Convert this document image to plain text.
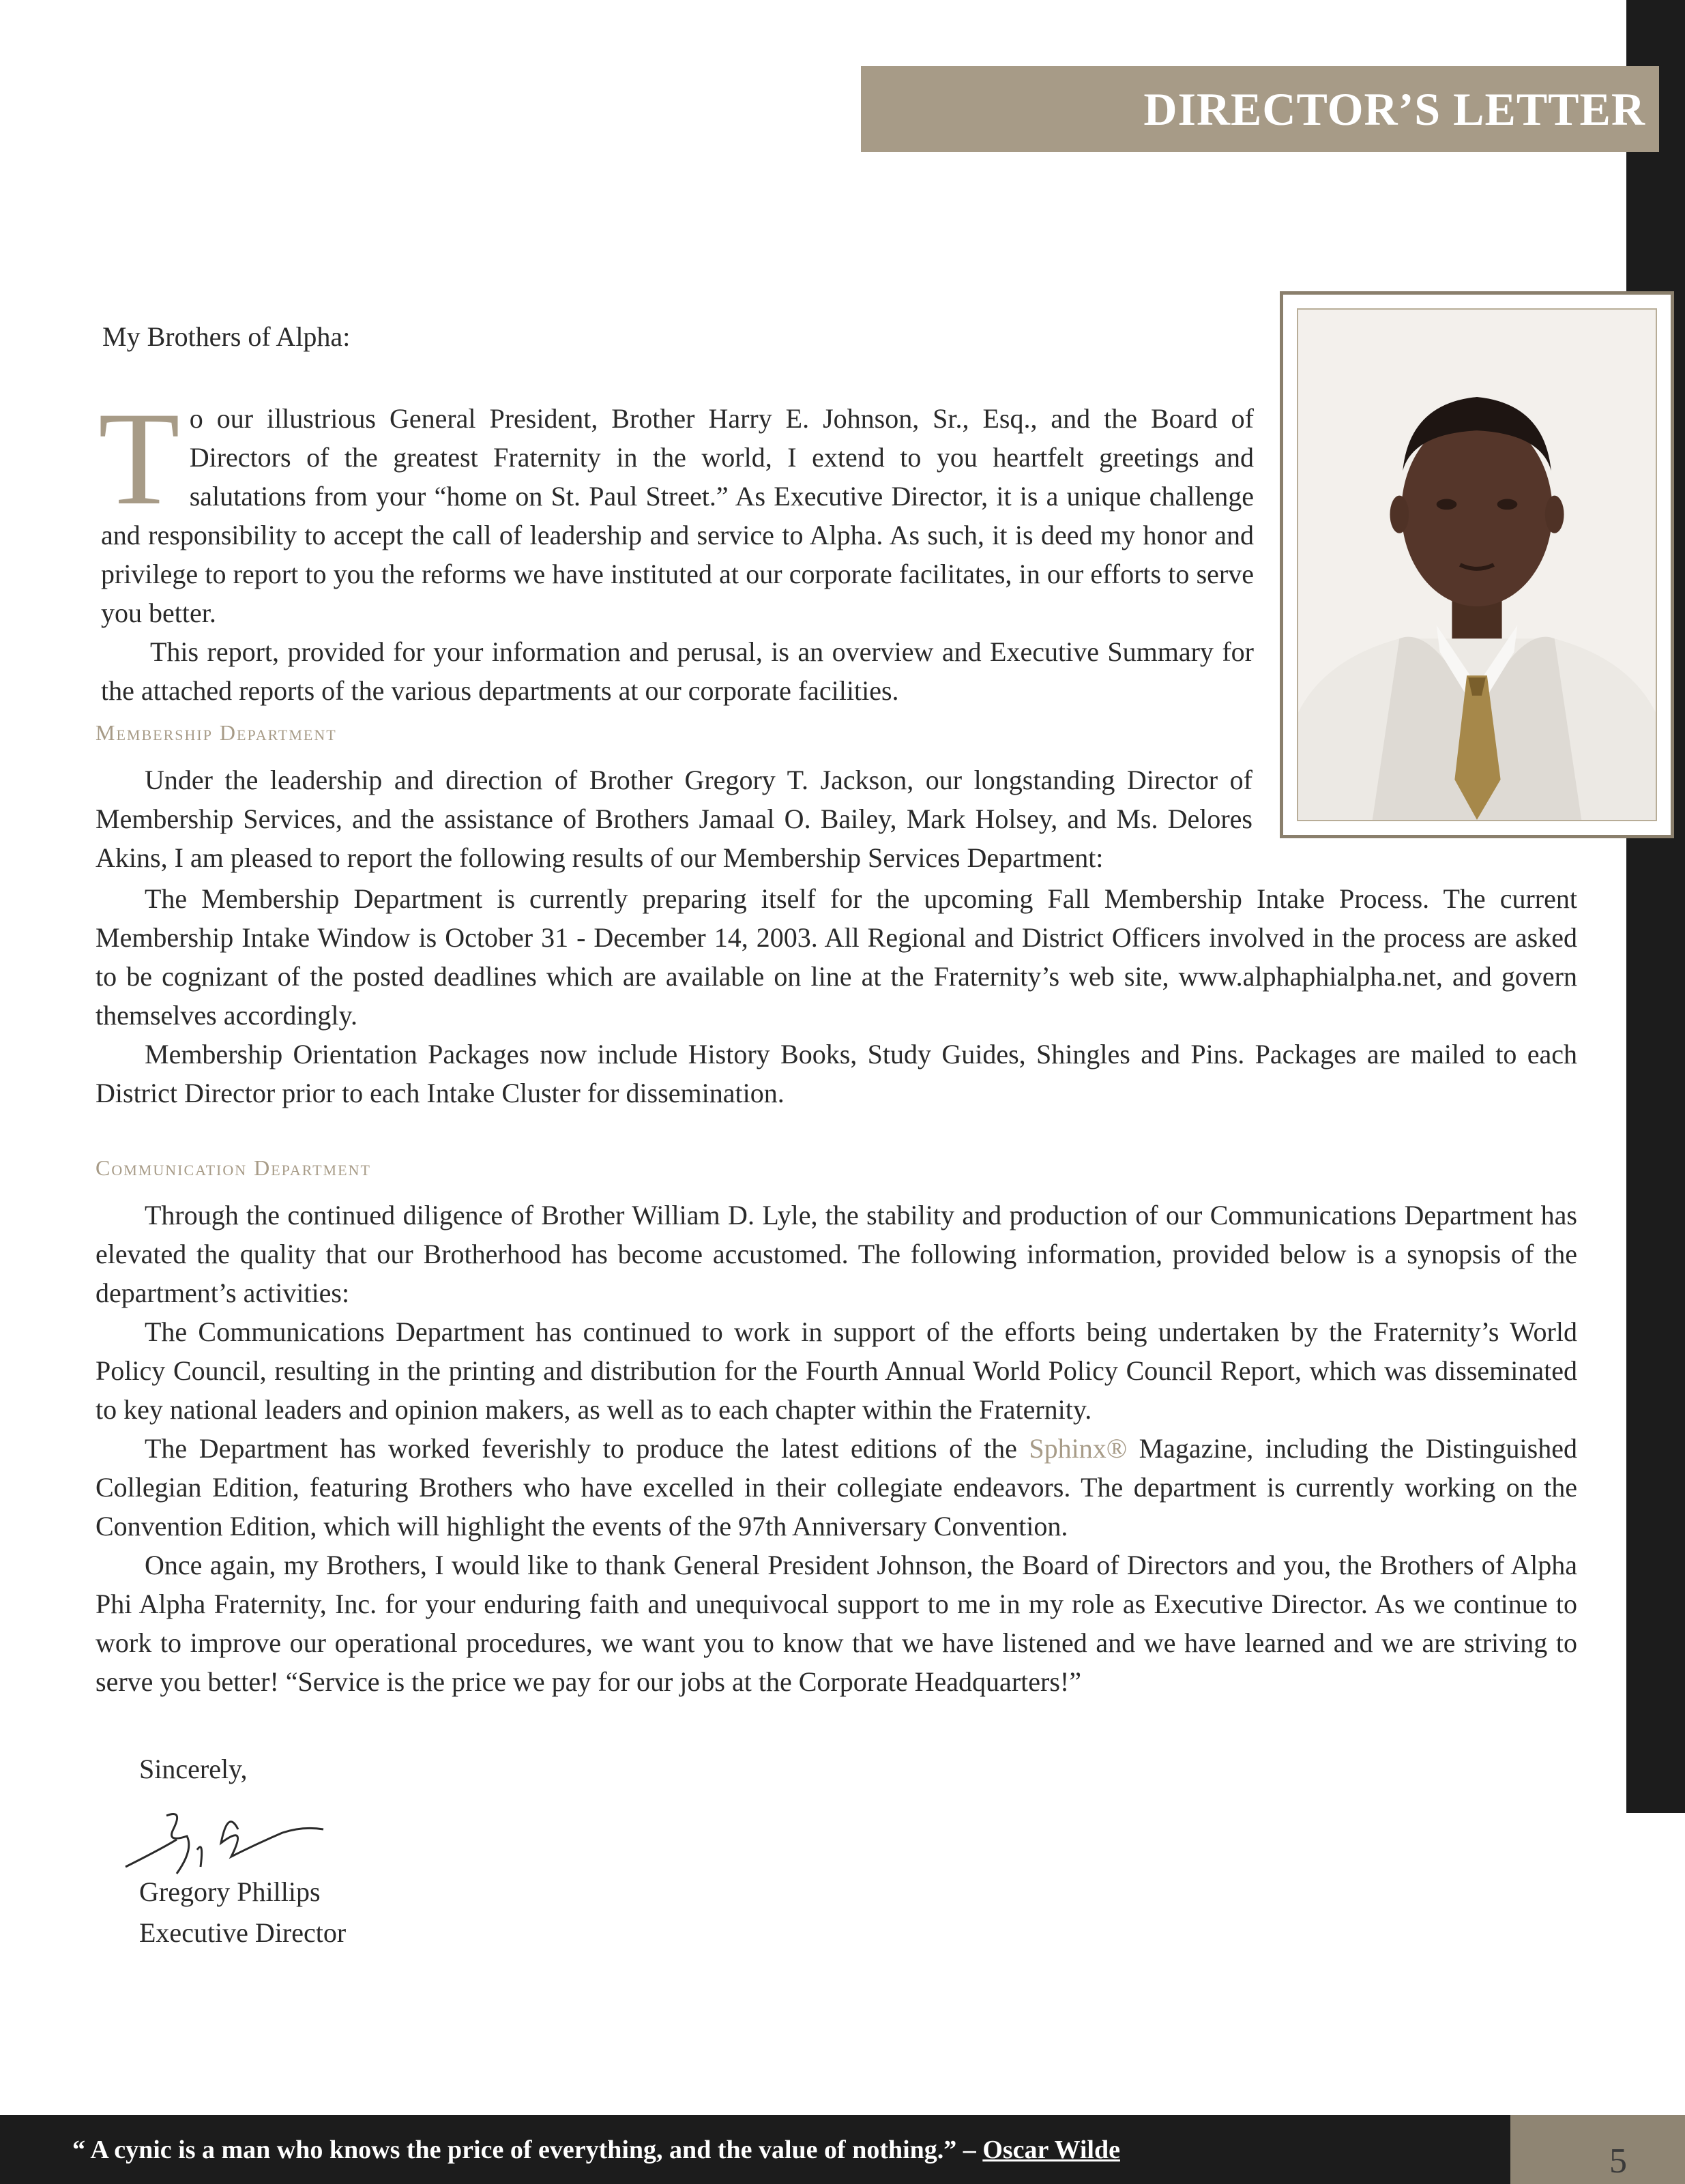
DIRECTOR’S LETTER
My Brothers of Alpha:
T o our illustrious General President, Brother Harry E. Johnson, Sr., Esq., and the Board of Directors of the greatest Fraternity in the world, I extend to you heartfelt greetings and salutations from your “home on St. Paul Street.” As Executive Director, it is a unique challenge and responsibility to accept the call of leadership and service to Alpha. As such, it is deed my honor and privilege to report to you the reforms we have instituted at our corporate facilitates, in our efforts to serve you better.

This report, provided for your information and perusal, is an overview and Executive Summary for the attached reports of the various departments at our corporate facilities.

Membership Department

Under the leadership and direction of Brother Gregory T. Jackson, our longstanding Director of Membership Services, and the assistance of Brothers Jamaal O. Bailey, Mark Holsey, and Ms. Delores Akins, I am pleased to report the following results of our Membership Services Department:

The Membership Department is currently preparing itself for the upcoming Fall Membership Intake Process. The current Membership Intake Window is October 31 - December 14, 2003. All Regional and District Officers involved in the process are asked to be cognizant of the posted deadlines which are available on line at the Fraternity’s web site, www.alphaphialpha.net, and govern themselves accordingly.

Membership Orientation Packages now include History Books, Study Guides, Shingles and Pins. Packages are mailed to each District Director prior to each Intake Cluster for dissemination.

Communication Department

Through the continued diligence of Brother William D. Lyle, the stability and production of our Communications Department has elevated the quality that our Brotherhood has become accustomed. The following information, provided below is a synopsis of the department’s activities:

The Communications Department has continued to work in support of the efforts being undertaken by the Fraternity’s World Policy Council, resulting in the printing and distribution for the Fourth Annual World Policy Council Report, which was disseminated to key national leaders and opinion makers, as well as to each chapter within the Fraternity.

The Department has worked feverishly to produce the latest editions of the Sphinx® Magazine, including the Distinguished Collegian Edition, featuring Brothers who have excelled in their collegiate endeavors. The department is currently working on the Convention Edition, which will highlight the events of the 97th Anniversary Convention.

Once again, my Brothers, I would like to thank General President Johnson, the Board of Directors and you, the Brothers of Alpha Phi Alpha Fraternity, Inc. for your enduring faith and unequivocal support to me in my role as Executive Director. As we continue to work to improve our operational procedures, we want you to know that we have listened and we have learned and we are striving to serve you better! “Service is the price we pay for our jobs at the Corporate Headquarters!”

Sincerely,
Gregory Phillips
Executive Director
“ A cynic is a man who knows the price of everything, and the value of nothing.” – Oscar Wilde	5
